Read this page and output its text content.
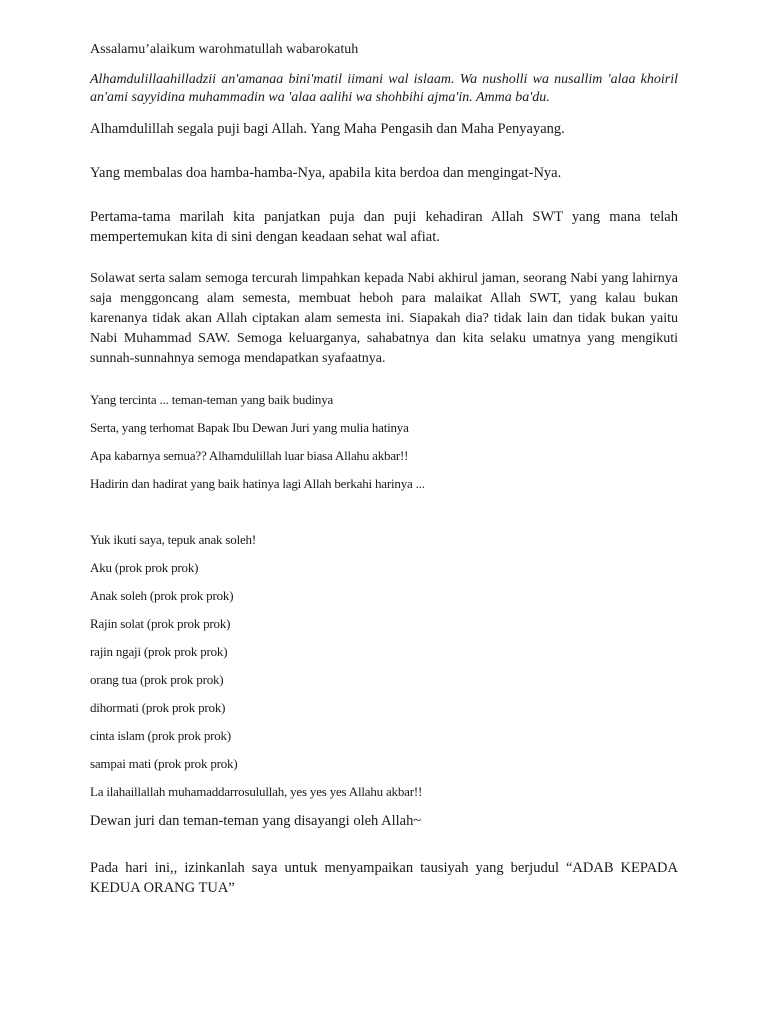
Assalamu’alaikum warohmatullah wabarokatuh

Alhamdulillaahilladzii an'amanaa bini'matil iimani wal islaam. Wa nusholli wa nusallim 'alaa khoiril an'ami sayyidina muhammadin wa 'alaa aalihi wa shohbihi ajma'in. Amma ba'du.

Alhamdulillah segala puji bagi Allah. Yang Maha Pengasih dan Maha Penyayang.

Yang membalas doa hamba-hamba-Nya, apabila kita berdoa dan mengingat-Nya.

Pertama-tama marilah kita panjatkan puja dan puji kehadiran Allah SWT yang mana telah mempertemukan kita di sini dengan keadaan sehat wal afiat.

Solawat serta salam semoga tercurah limpahkan kepada Nabi akhirul jaman, seorang Nabi yang lahirnya saja menggoncang alam semesta, membuat heboh para malaikat Allah SWT, yang kalau bukan karenanya tidak akan Allah ciptakan alam semesta ini. Siapakah dia? tidak lain dan tidak bukan yaitu Nabi Muhammad SAW. Semoga keluarganya, sahabatnya dan kita selaku umatnya yang mengikuti sunnah-sunnahnya semoga mendapatkan syafaatnya.

Yang tercinta ... teman-teman yang baik budinya

Serta, yang terhomat Bapak Ibu Dewan Juri yang mulia hatinya

Apa kabarnya semua?? Alhamdulillah luar biasa Allahu akbar!!

Hadirin dan hadirat yang baik hatinya lagi Allah berkahi harinya ...

Yuk ikuti saya, tepuk anak soleh!

Aku (prok prok prok)

Anak soleh (prok prok prok)

Rajin solat (prok prok prok)

rajin ngaji (prok prok prok)

orang tua (prok prok prok)

dihormati (prok prok prok)

cinta islam (prok prok prok)

sampai mati (prok prok prok)

La ilahaillallah muhamaddarrosulullah, yes yes yes Allahu akbar!!

Dewan juri dan teman-teman yang disayangi oleh Allah~

Pada hari ini,, izinkanlah saya untuk menyampaikan tausiyah yang berjudul “ADAB KEPADA KEDUA ORANG TUA”
